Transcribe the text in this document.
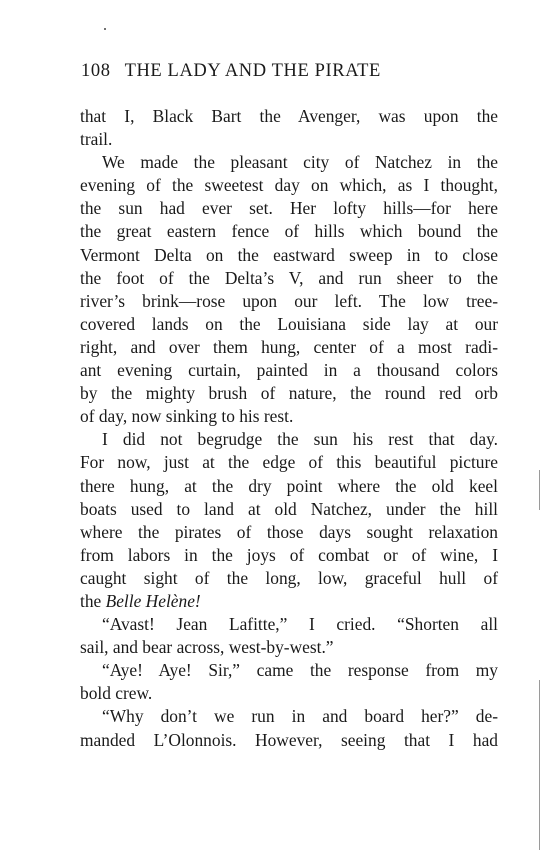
108 THE LADY AND THE PIRATE
that I, Black Bart the Avenger, was upon the
trail.
We made the pleasant city of Natchez in the
evening of the sweetest day on which, as I thought,
the sun had ever set. Her lofty hills—for here
the great eastern fence of hills which bound the
Vermont Delta on the eastward sweep in to close
the foot of the Delta’s V, and run sheer to the
river’s brink—rose upon our left. The low tree-
covered lands on the Louisiana side lay at our
right, and over them hung, center of a most radi-
ant evening curtain, painted in a thousand colors
by the mighty brush of nature, the round red orb
of day, now sinking to his rest.
I did not begrudge the sun his rest that day.
For now, just at the edge of this beautiful picture
there hung, at the dry point where the old keel
boats used to land at old Natchez, under the hill
where the pirates of those days sought relaxation
from labors in the joys of combat or of wine, I
caught sight of the long, low, graceful hull of
the Belle Helène!
“Avast! Jean Lafitte,” I cried. “Shorten all
sail, and bear across, west-by-west.”
“Aye! Aye! Sir,” came the response from my
bold crew.
“Why don’t we run in and board her?” de-
manded L’Olonnois. However, seeing that I had
